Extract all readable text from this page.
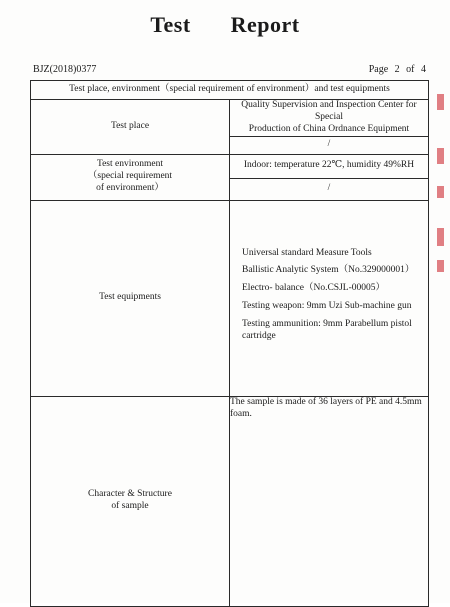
Test Report
BJZ(2018)0377	Page 2 of 4
Test place, environment（special requirement of environment）and test equipments	
Test place	Quality Supervision and Inspection Center for Special
Production of China Ordnance Equipment

	/

Test environment
（special requirement
of environment）	Indoor: temperature 22℃, humidity 49%RH
	/
Test equipments	Universal standard Measure Tools
Ballistic Analytic System（No.329000001）
Electro- balance（No.CSJL-00005）
Testing weapon: 9mm Uzi Sub-machine gun
Testing ammunition: 9mm Parabellum pistol cartridge

Character & Structure
of sample	The sample is made of 36 layers of PE and 4.5mm foam.
